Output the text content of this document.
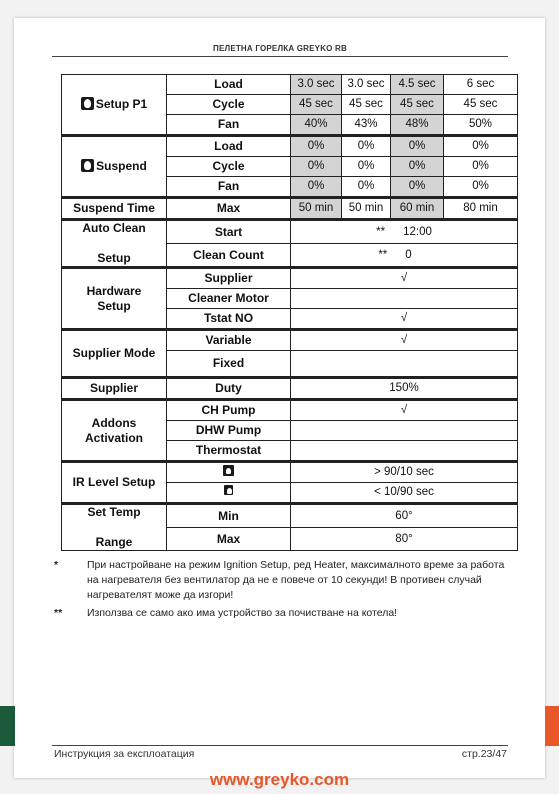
ПЕЛЕТНА ГОРЕЛКА GREYKO RB
Setup P1	Load	3.0 sec	3.0 sec	4.5 sec	6 sec
	Cycle	45 sec	45 sec	45 sec	45 sec
	Fan	40%	43%	48%	50%
Suspend	Load	0%	0%	0%	0%
	Cycle	0%	0%	0%	0%
	Fan	0%	0%	0%	0%
Suspend Time	Max	50 min	50 min	60 min	80 min
Auto Clean

Setup	Start	** 12:00			
	Clean Count	** 0			
Hardware
Setup	Supplier	√			
	Cleaner Motor				
	Tstat NO	√			
Supplier Mode	Variable	√			
	Fixed				
Supplier	Duty	150%			
Addons
Activation	CH Pump	√			
	DHW Pump				
	Thermostat				
IR Level Setup		> 90/10 sec			
		< 10/90 sec			
Set Temp

Range	Min	60°			
	Max	80°			
*	При настройване на режим Ignition Setup, ред Heater, максималното време за работа на нагревателя без вентилатор да не е повече от 10 секунди! В противен случай нагревателят може да изгори!
**	Използва се само ако има устройство за почистване на котела!
Инструкция за експлоатация	стр.23/47
www.greyko.com
